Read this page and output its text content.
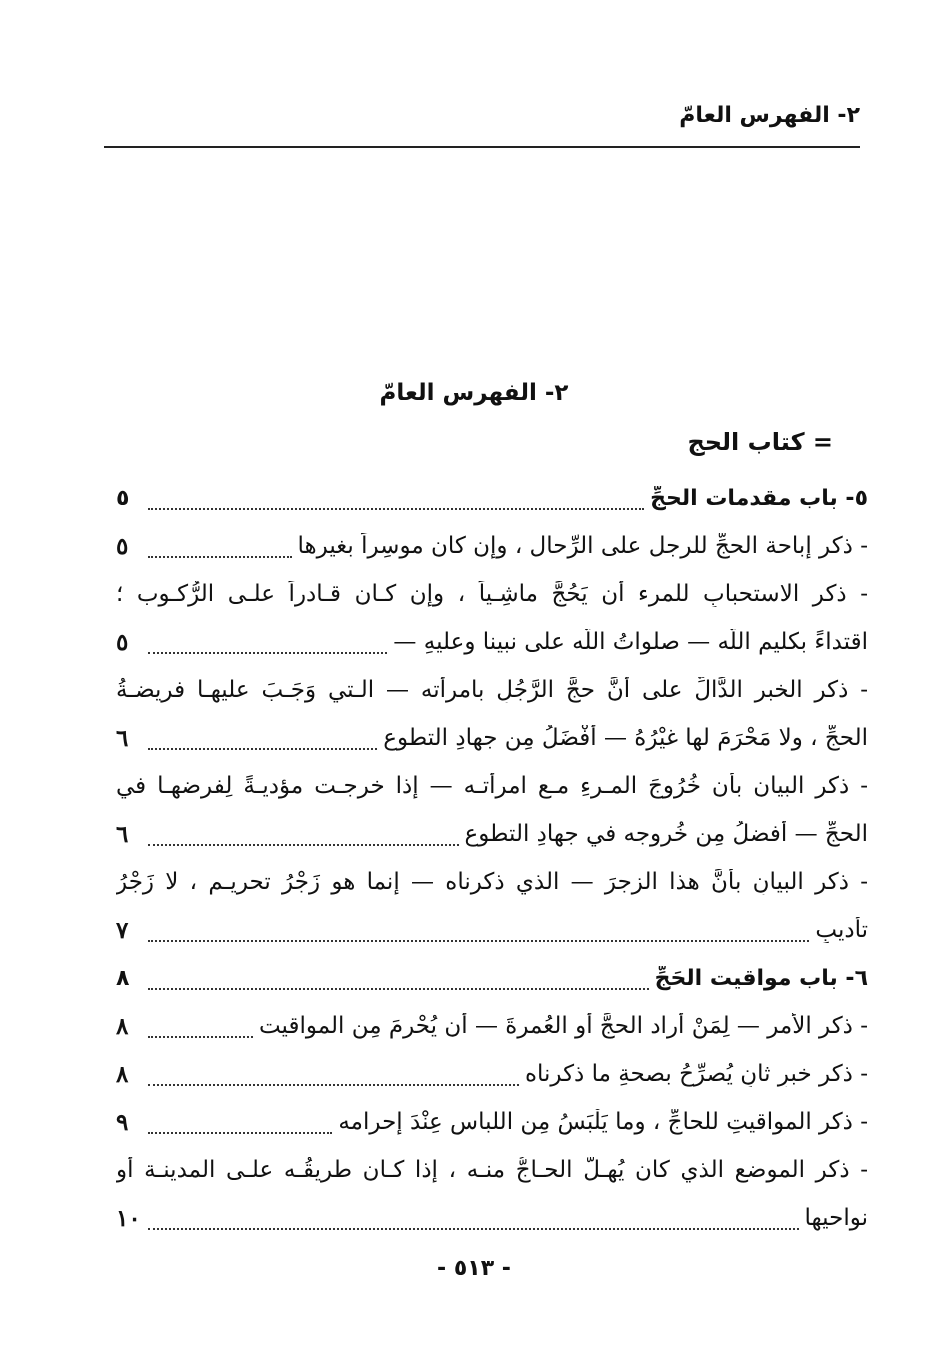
٢- الفهرس العامّ
٢- الفهرس العامّ
= كتاب الحج
٥- باب مقدمات الحجِّ
٥
- ذكر إباحة الحجِّ للرجل على الرِّحال ، وإن كان موسِراً بغيرها
٥
- ذكر الاستحبابِ للمرء أن يَحُجَّ ماشِـياً ، وإن كـان قـادراً علـى الرُّكـوب ؛
اقتداءً بكليم اللّه — صلواتُ اللّه على نبينا وعليهِ —
٥
- ذكر الخبرِ الدَّالِّ على أنَّ حجَّ الرَّجُلِ بامرأته — الـتي وَجَـبَ عليهـا فريضـةُ
الحجِّ ، ولا مَحْرَمَ لها غيْرُهُ — أَفْضَلُ مِن جهادِ التطوع
٦
- ذكر البيان بأن خُرُوجَ المـرءِ مـع امرأتـه — إذا خرجـت مؤديـةً لِفرضهـا في
الحجِّ — أفضلُ مِن خُروجه في جهادِ التطوع
٦
- ذكر البيانِ بأنَّ هذا الزجرَ — الذي ذكرناه — إنما هو زَجْرُ تحريـمٍ ، لا زَجْرُ
تأديبٍ
٧
٦- باب مواقيت الحَجِّ
٨
- ذكر الأمرِ — لِمَنْ أراد الحجَّ أو العُمرةَ — أن يُحْرِمَ مِن المواقيت
٨
- ذكر خبرٍ ثانٍ يُصرِّحُ بصحةِ ما ذكرناه
٨
- ذكر المواقيتِ للحاجِّ ، وما يَلْبَسُ مِن اللباس عِنْدَ إحرامه
٩
- ذكر الموضعِ الذي كان يُهِـلُّ الحـاجُّ منـه ، إذا كـان طريقُـه علـى المدينـة أو
نواحيها
١٠
- ٥١٣ -
